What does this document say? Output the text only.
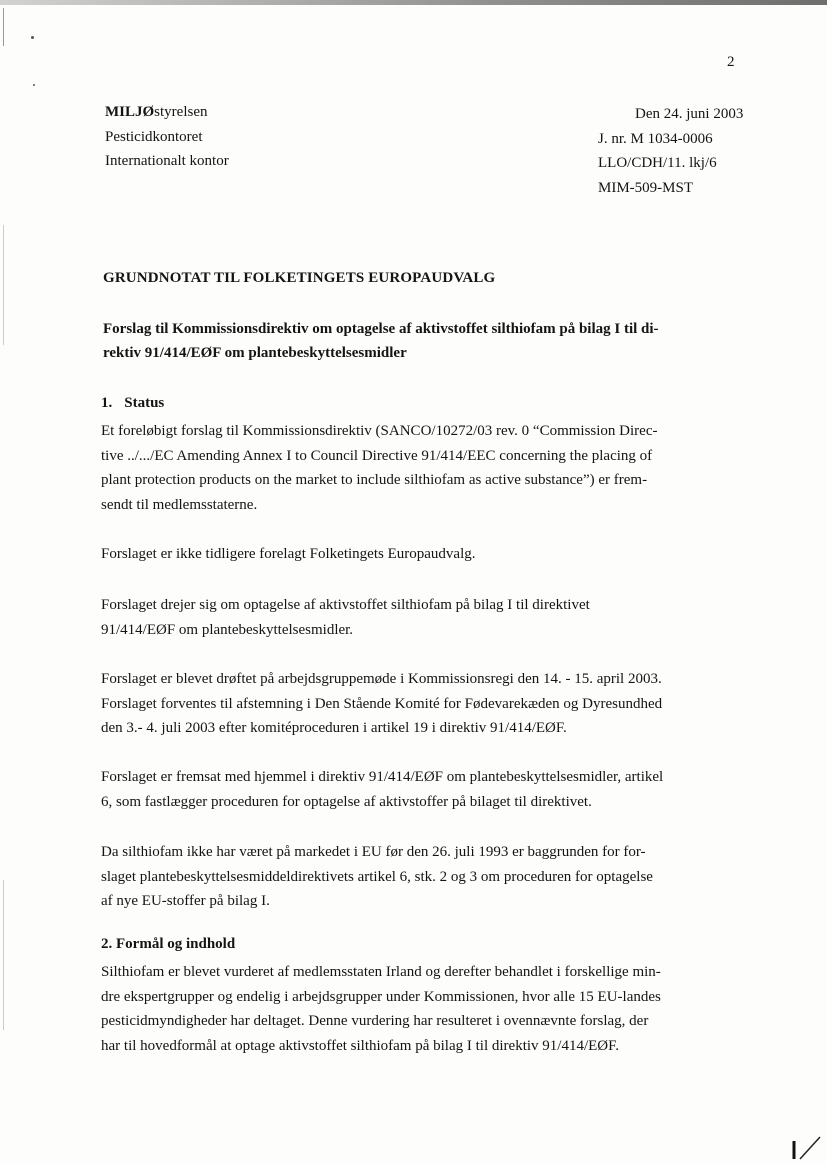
2
MILJØstyrelsen
Pesticidkontoret
Internationalt kontor
Den 24. juni 2003
J. nr. M 1034-0006
LLO/CDH/11. lkj/6
MIM-509-MST
GRUNDNOTAT TIL FOLKETINGETS EUROPAUDVALG
Forslag til Kommissionsdirektiv om optagelse af aktivstoffet silthiofam på bilag I til di-
rektiv 91/414/EØF om plantebeskyttelsesmidler
1. Status
Et foreløbigt forslag til Kommissionsdirektiv (SANCO/10272/03 rev. 0 “Commission Direc-
tive ../.../EC Amending Annex I to Council Directive 91/414/EEC concerning the placing of
plant protection products on the market to include silthiofam as active substance”) er frem-
sendt til medlemsstaterne.
Forslaget er ikke tidligere forelagt Folketingets Europaudvalg.
Forslaget drejer sig om optagelse af aktivstoffet silthiofam på bilag I til direktivet
91/414/EØF om plantebeskyttelsesmidler.
Forslaget er blevet drøftet på arbejdsgruppemøde i Kommissionsregi den 14. - 15. april 2003.
Forslaget forventes til afstemning i Den Stående Komité for Fødevarekæden og Dyresundhed
den 3.- 4. juli 2003 efter komitéproceduren i artikel 19 i direktiv 91/414/EØF.
Forslaget er fremsat med hjemmel i direktiv 91/414/EØF om plantebeskyttelsesmidler, artikel
6, som fastlægger proceduren for optagelse af aktivstoffer på bilaget til direktivet.
Da silthiofam ikke har været på markedet i EU før den 26. juli 1993 er baggrunden for for-
slaget plantebeskyttelsesmiddeldirektivets artikel 6, stk. 2 og 3 om proceduren for optagelse
af nye EU-stoffer på bilag I.
2. Formål og indhold
Silthiofam er blevet vurderet af medlemsstaten Irland og derefter behandlet i forskellige min-
dre ekspertgrupper og endelig i arbejdsgrupper under Kommissionen, hvor alle 15 EU-landes
pesticidmyndigheder har deltaget. Denne vurdering har resulteret i ovennævnte forslag, der
har til hovedformål at optage aktivstoffet silthiofam på bilag I til direktiv 91/414/EØF.
